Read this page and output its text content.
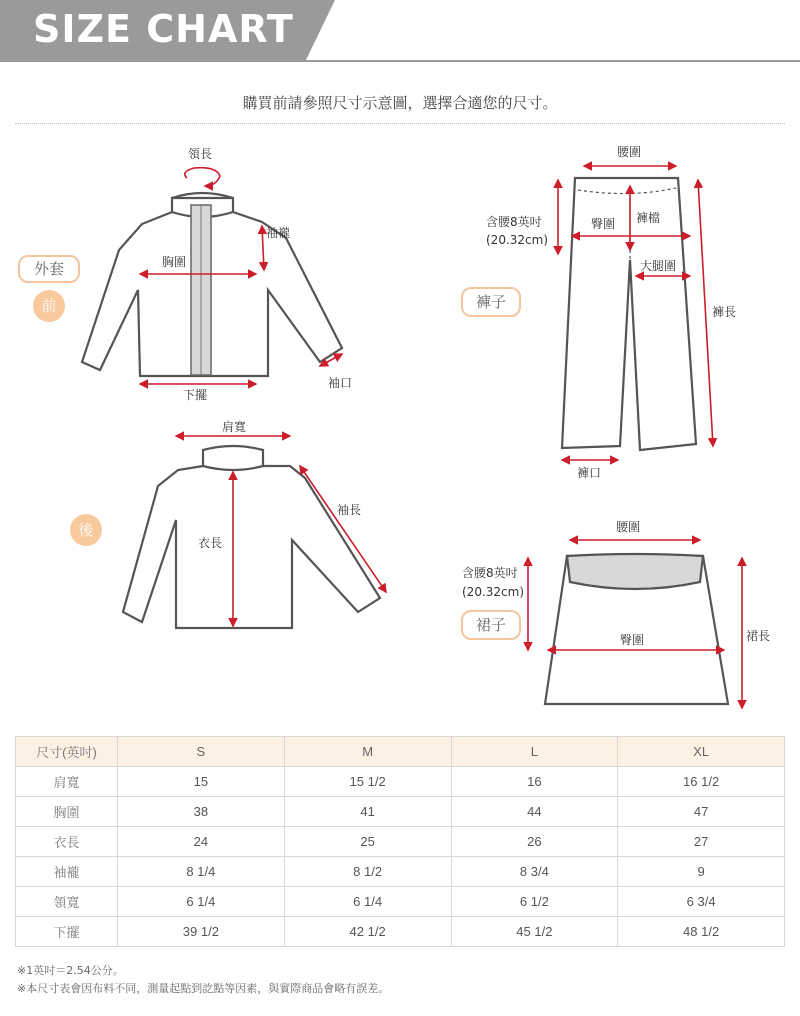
SIZE CHART
購買前請參照尺寸示意圖，選擇合適您的尺寸。
領長
袖襱
胸圍
下擺
袖口
肩寬
袖長
衣長
腰圍
含腰8英吋
(20.32cm)
臀圍 褲檔
大腿圍
褲長
褲口
腰圍
含腰8英吋
(20.32cm)
臀圍	裙長
外套
前
後
褲子
裙子
尺寸(英吋)	S	M	L	XL
肩寬	15	15 1/2	16	16 1/2
胸圍	38	41	44	47
衣長	24	25	26	27
袖襱	8 1/4	8 1/2	8 3/4	9
領寬	6 1/4	6 1/4	6 1/2	6 3/4
下擺	39 1/2	42 1/2	45 1/2	48 1/2
※1英吋＝2.54公分。
※本尺寸表會因布料不同，測量起點到訖點等因素，與實際商品會略有誤差。
